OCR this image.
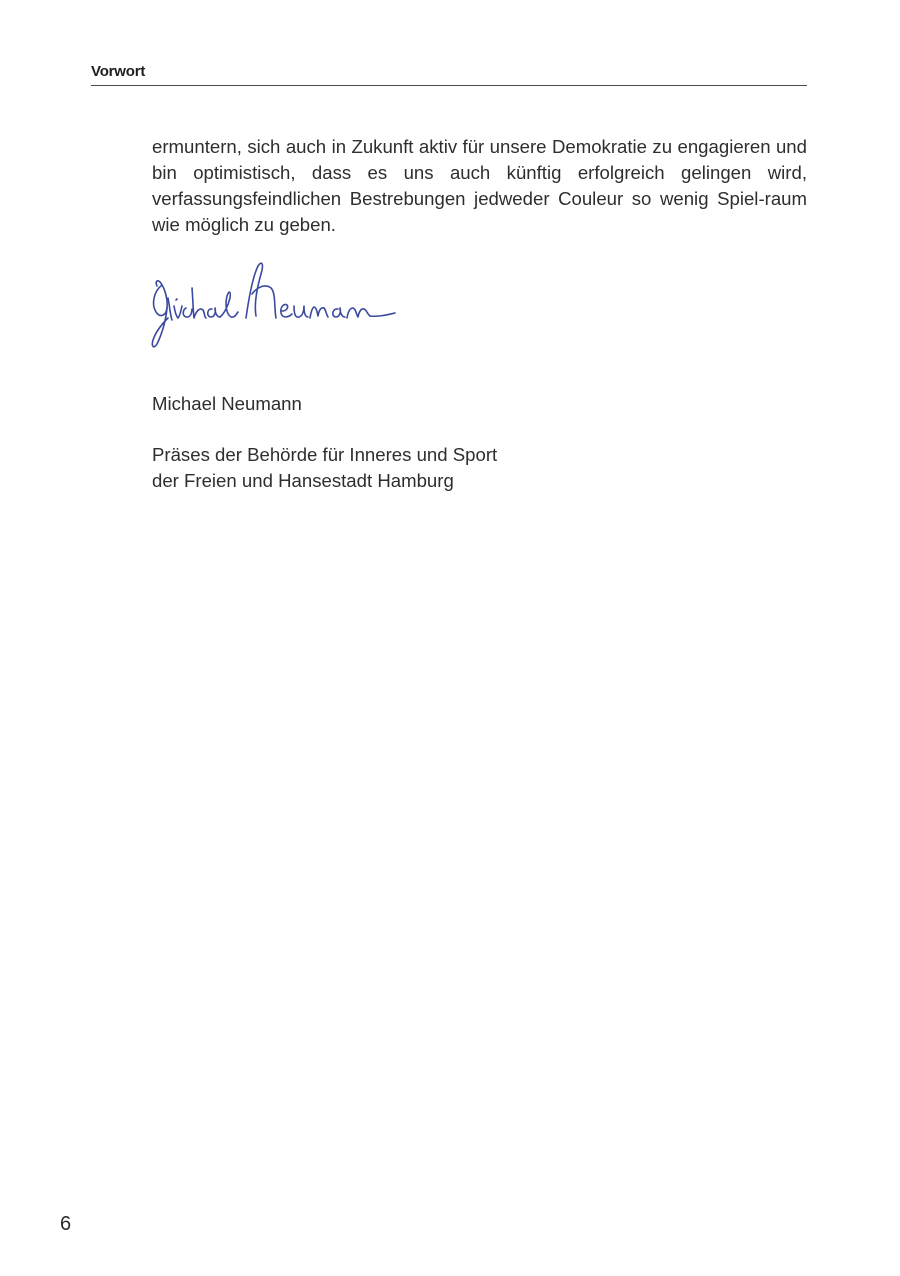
Vorwort

ermuntern, sich auch in Zukunft aktiv für unsere Demokratie zu engagieren und bin optimistisch, dass es uns auch künftig erfolgreich gelingen wird, verfassungsfeindlichen Bestrebungen jedweder Couleur so wenig Spiel-raum wie möglich zu geben.

Michael Neumann
Präses der Behörde für Inneres und Sport
der Freien und Hansestadt Hamburg
6
